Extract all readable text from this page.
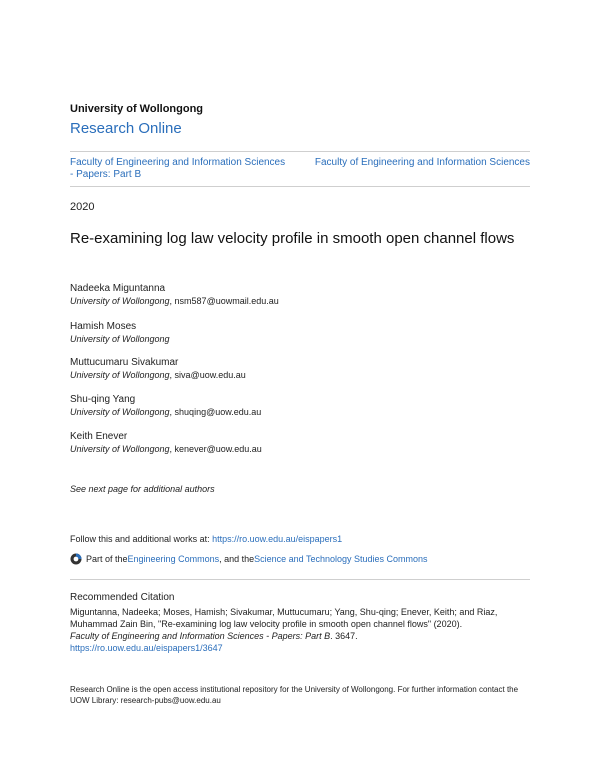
University of Wollongong
Research Online
Faculty of Engineering and Information Sciences - Papers: Part B
Faculty of Engineering and Information Sciences
2020
Re-examining log law velocity profile in smooth open channel flows
Nadeeka Miguntanna
University of Wollongong, nsm587@uowmail.edu.au
Hamish Moses
University of Wollongong
Muttucumaru Sivakumar
University of Wollongong, siva@uow.edu.au
Shu-qing Yang
University of Wollongong, shuqing@uow.edu.au
Keith Enever
University of Wollongong, kenever@uow.edu.au
See next page for additional authors
Follow this and additional works at: https://ro.uow.edu.au/eispapers1
Part of the Engineering Commons , and the Science and Technology Studies Commons
Recommended Citation
Miguntanna, Nadeeka; Moses, Hamish; Sivakumar, Muttucumaru; Yang, Shu-qing; Enever, Keith; and Riaz, Muhammad Zain Bin, "Re-examining log law velocity profile in smooth open channel flows" (2020).
Faculty of Engineering and Information Sciences - Papers: Part B. 3647.
https://ro.uow.edu.au/eispapers1/3647
Research Online is the open access institutional repository for the University of Wollongong. For further information contact the UOW Library: research-pubs@uow.edu.au
